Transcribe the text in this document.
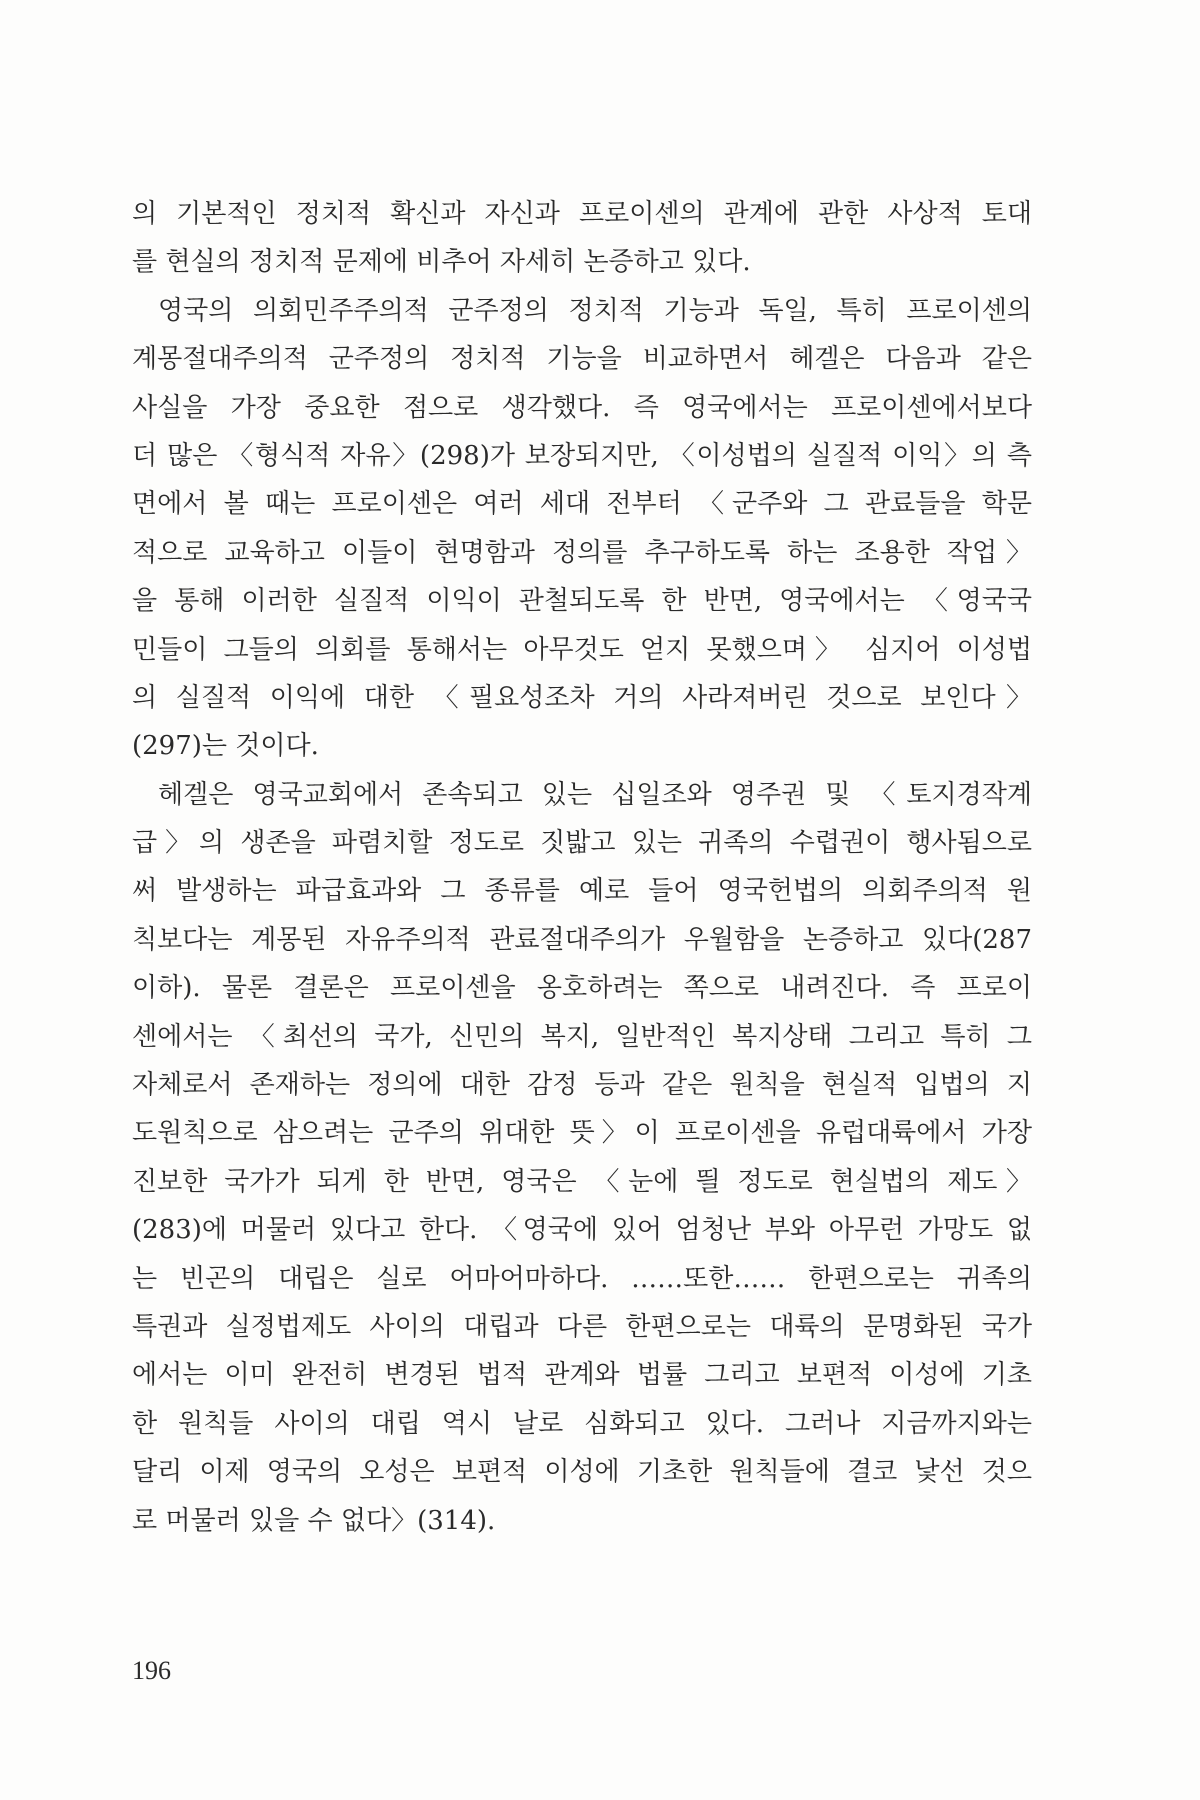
의 기본적인 정치적 확신과 자신과 프로이센의 관계에 관한 사상적 토대
를 현실의 정치적 문제에 비추어 자세히 논증하고 있다.
영국의 의회민주주의적 군주정의 정치적 기능과 독일, 특히 프로이센의
계몽절대주의적 군주정의 정치적 기능을 비교하면서 헤겔은 다음과 같은
사실을 가장 중요한 점으로 생각했다. 즉 영국에서는 프로이센에서보다
더 많은 〈형식적 자유〉(298)가 보장되지만, 〈이성법의 실질적 이익〉의 측
면에서 볼 때는 프로이센은 여러 세대 전부터 〈군주와 그 관료들을 학문
적으로 교육하고 이들이 현명함과 정의를 추구하도록 하는 조용한 작업〉
을 통해 이러한 실질적 이익이 관철되도록 한 반면, 영국에서는 〈영국국
민들이 그들의 의회를 통해서는 아무것도 얻지 못했으며〉 심지어 이성법
의 실질적 이익에 대한 〈필요성조차 거의 사라져버린 것으로 보인다〉
(297)는 것이다.
헤겔은 영국교회에서 존속되고 있는 십일조와 영주권 및 〈토지경작계
급〉의 생존을 파렴치할 정도로 짓밟고 있는 귀족의 수렵권이 행사됨으로
써 발생하는 파급효과와 그 종류를 예로 들어 영국헌법의 의회주의적 원
칙보다는 계몽된 자유주의적 관료절대주의가 우월함을 논증하고 있다(287
이하). 물론 결론은 프로이센을 옹호하려는 쪽으로 내려진다. 즉 프로이
센에서는 〈최선의 국가, 신민의 복지, 일반적인 복지상태 그리고 특히 그
자체로서 존재하는 정의에 대한 감정 등과 같은 원칙을 현실적 입법의 지
도원칙으로 삼으려는 군주의 위대한 뜻〉이 프로이센을 유럽대륙에서 가장
진보한 국가가 되게 한 반면, 영국은 〈눈에 띌 정도로 현실법의 제도〉
(283)에 머물러 있다고 한다. 〈영국에 있어 엄청난 부와 아무런 가망도 없
는 빈곤의 대립은 실로 어마어마하다. ……또한…… 한편으로는 귀족의
특권과 실정법제도 사이의 대립과 다른 한편으로는 대륙의 문명화된 국가
에서는 이미 완전히 변경된 법적 관계와 법률 그리고 보편적 이성에 기초
한 원칙들 사이의 대립 역시 날로 심화되고 있다. 그러나 지금까지와는
달리 이제 영국의 오성은 보편적 이성에 기초한 원칙들에 결코 낯선 것으
로 머물러 있을 수 없다〉(314).
196
